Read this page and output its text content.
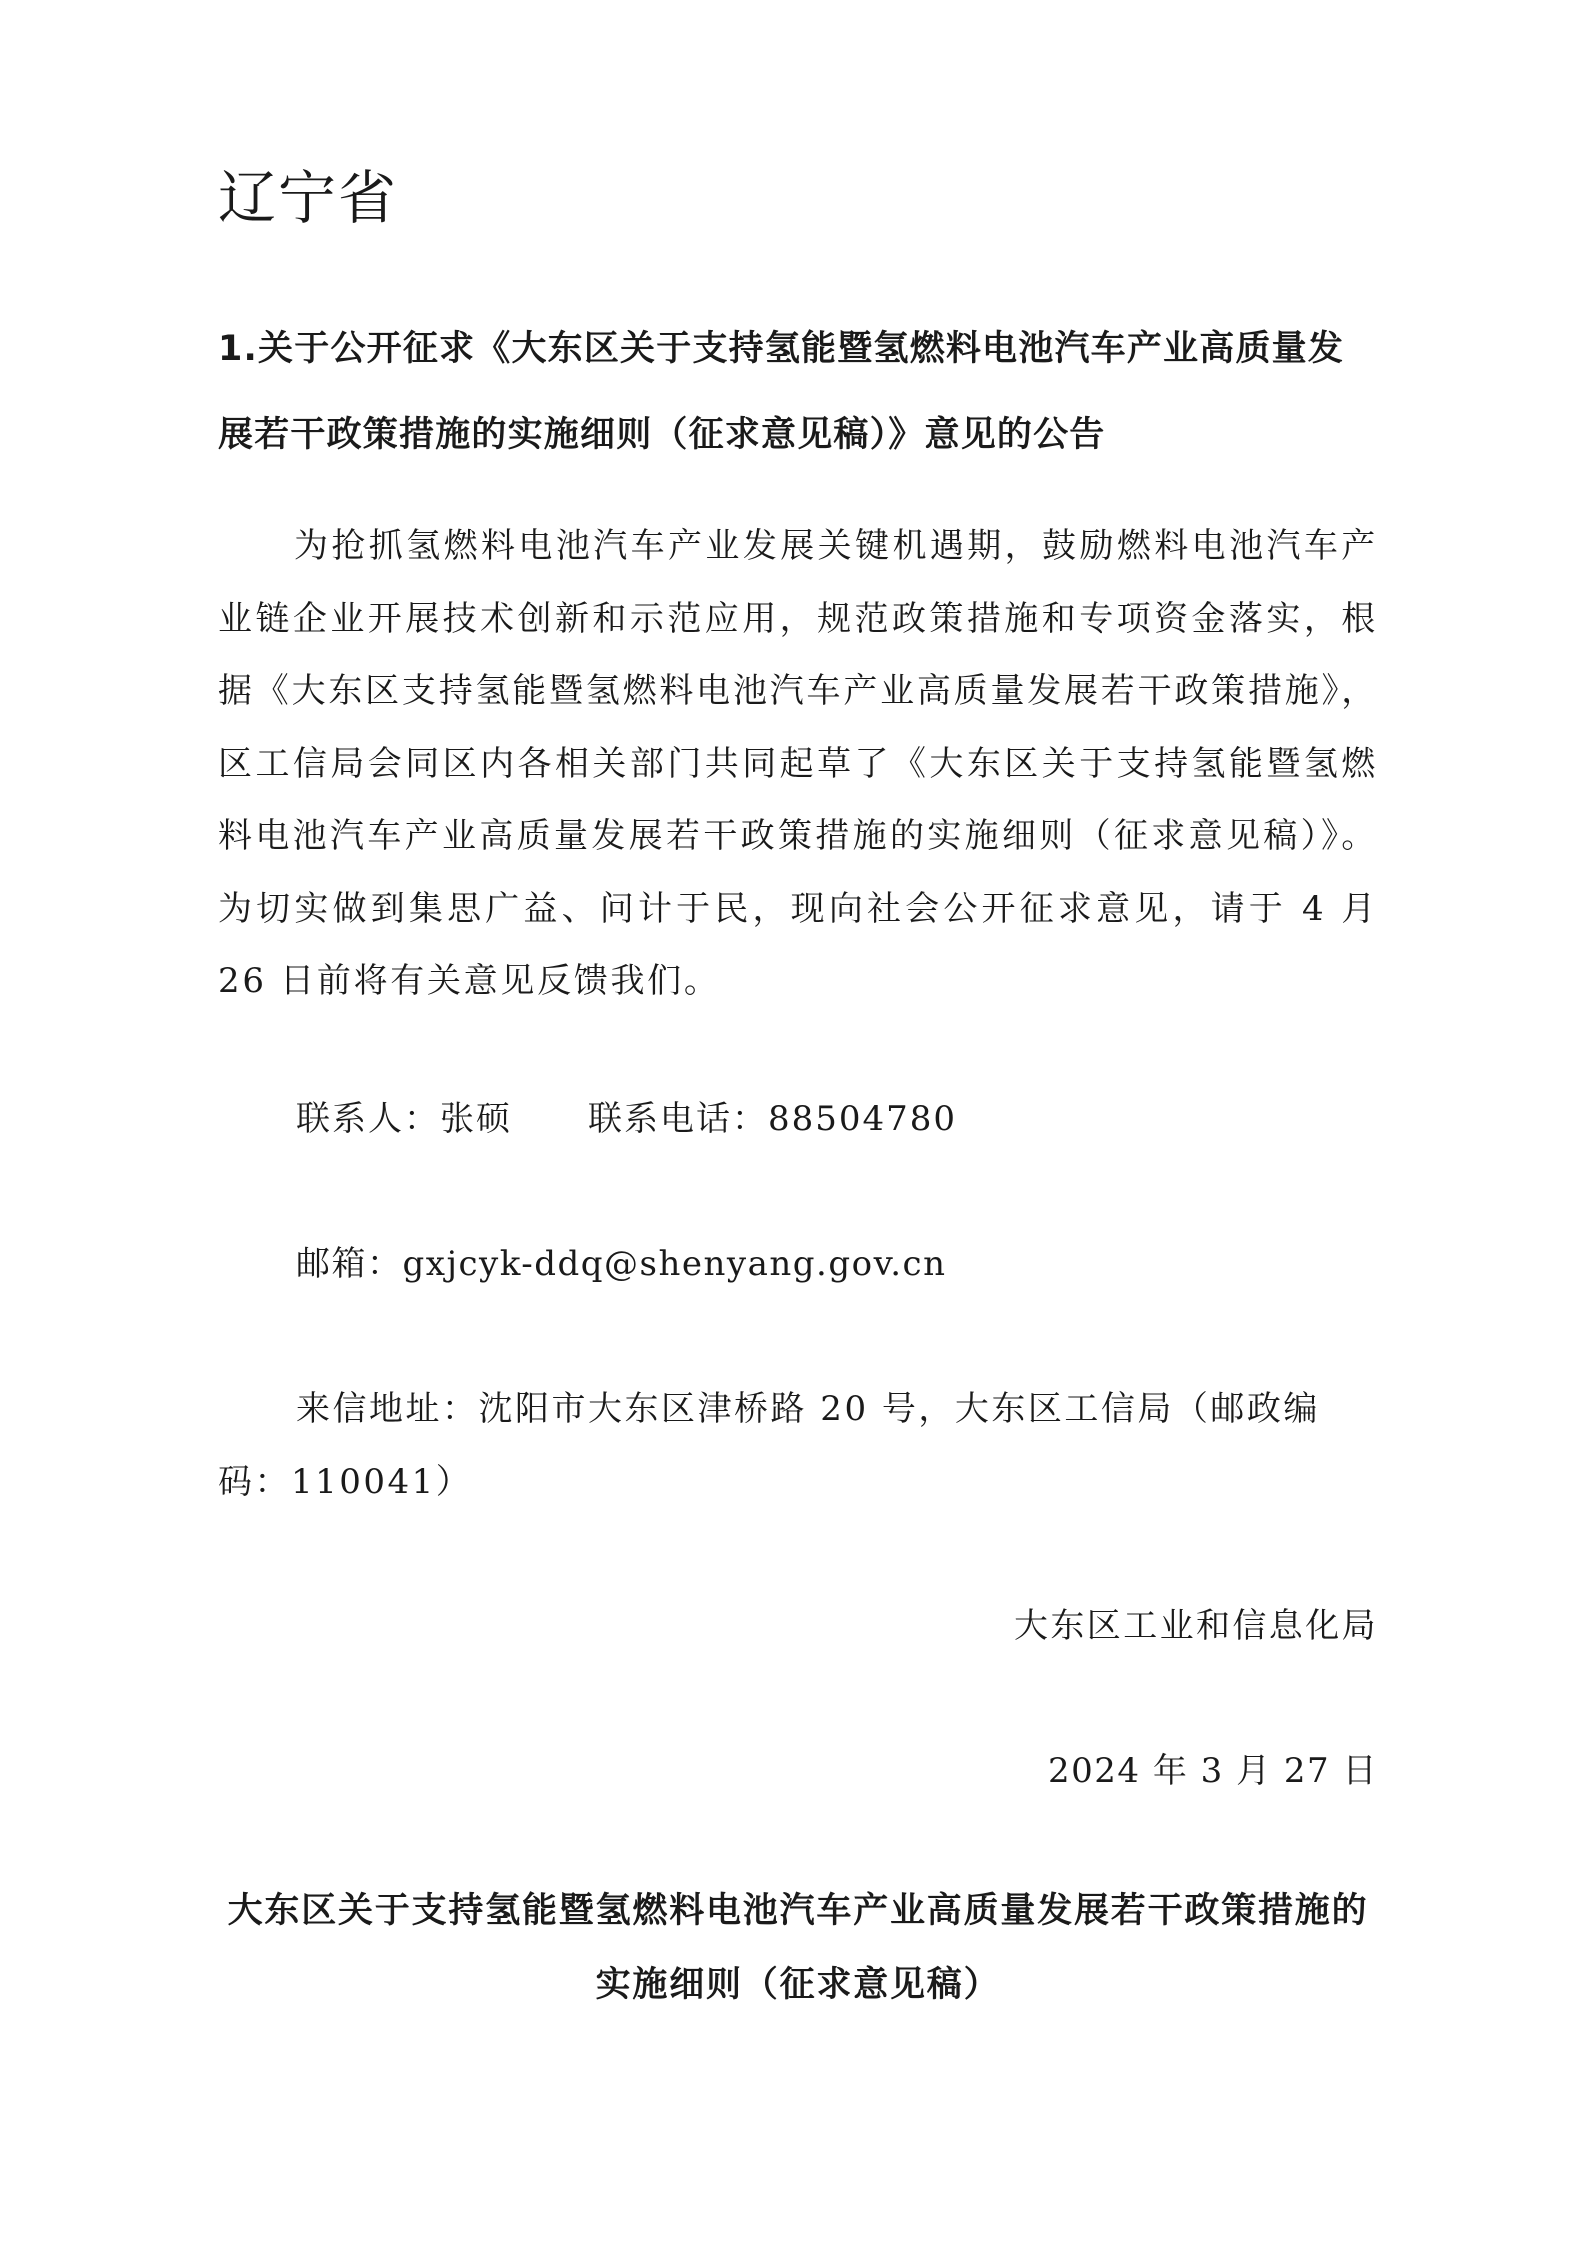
辽宁省
1.关于公开征求《大东区关于支持氢能暨氢燃料电池汽车产业高质量发展若干政策措施的实施细则（征求意见稿）》意见的公告

为抢抓氢燃料电池汽车产业发展关键机遇期，鼓励燃料电池汽车产业链企业开展技术创新和示范应用，规范政策措施和专项资金落实，根据《大东区支持氢能暨氢燃料电池汽车产业高质量发展若干政策措施》，区工信局会同区内各相关部门共同起草了《大东区关于支持氢能暨氢燃料电池汽车产业高质量发展若干政策措施的实施细则（征求意见稿）》。为切实做到集思广益、问计于民，现向社会公开征求意见，请于 4 月 26 日前将有关意见反馈我们。

联系人：张硕 联系电话：88504780

邮箱：gxjcyk-ddq@shenyang.gov.cn

来信地址：沈阳市大东区津桥路 20 号，大东区工信局（邮政编码：110041）

大东区工业和信息化局

2024 年 3 月 27 日

大东区关于支持氢能暨氢燃料电池汽车产业高质量发展若干政策措施的实施细则（征求意见稿）
